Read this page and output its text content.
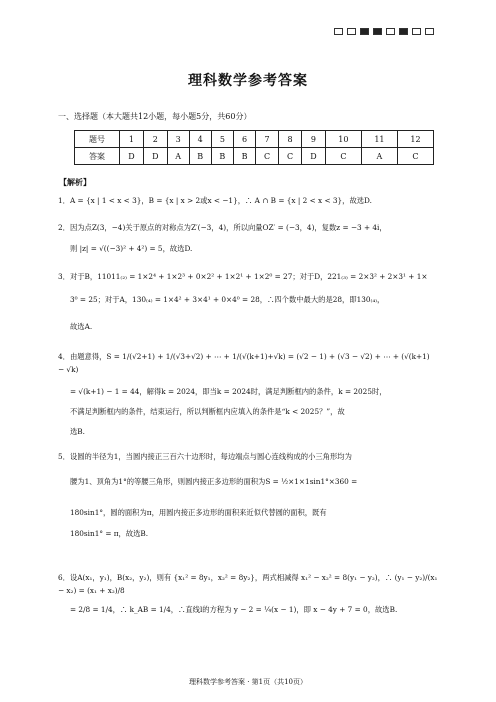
理科数学参考答案
一、选择题（本大题共12小题，每小题5分，共60分）
题号	1	2	3	4	5	6	7	8	9	10	11	12
答案	D	D	A	B	B	B	C	C	D	C	A	C
【解析】
1．A = {x | 1 < x < 3}，B = {x | x > 2或x < −1}，∴ A ∩ B = {x | 2 < x < 3}，故选D.
2．因为点Z(3，−4)关于原点的对称点为Z′(−3，4)，所以向量OZ′ = (−3，4)，复数z = −3 + 4i，
则 |z| = √((−3)² + 4²) = 5，故选D.
3．对于B，11011₍₂₎ = 1×2⁴ + 1×2³ + 0×2² + 1×2¹ + 1×2⁰ = 27；对于D，221₍₃₎ = 2×3² + 2×3¹ + 1×
3⁰ = 25；对于A，130₍₄₎ = 1×4² + 3×4¹ + 0×4⁰ = 28，∴四个数中最大的是28，即130₍₄₎，
故选A.
4．由题意得，S = 1/(√2+1) + 1/(√3+√2) + ⋯ + 1/(√(k+1)+√k) = (√2 − 1) + (√3 − √2) + ⋯ + (√(k+1) − √k)
= √(k+1) − 1 = 44，解得k = 2024，即当k = 2024时，满足判断框内的条件，k = 2025时，
不满足判断框内的条件，结束运行，所以判断框内应填入的条件是“k < 2025？”，故
选B.
5．设圆的半径为1，当圆内接正三百六十边形时，每边端点与圆心连线构成的小三角形均为
腰为1、顶角为1°的等腰三角形，则圆内接正多边形的面积为S = ½×1×1sin1°×360 =
180sin1°，圆的面积为π，用圆内接正多边形的面积来近似代替圆的面积，既有
180sin1° = π，故选B.
6．设A(x₁，y₁)，B(x₂，y₂)，则有 {x₁² = 8y₁，x₂² = 8y₂}，两式相减得 x₁² − x₂² = 8(y₁ − y₂)，∴ (y₁ − y₂)/(x₁ − x₂) = (x₁ + x₂)/8
= 2/8 = 1/4，∴ k_AB = 1/4，∴直线l的方程为 y − 2 = ¼(x − 1)，即 x − 4y + 7 = 0，故选B.
理科数学参考答案 · 第1页（共10页）
